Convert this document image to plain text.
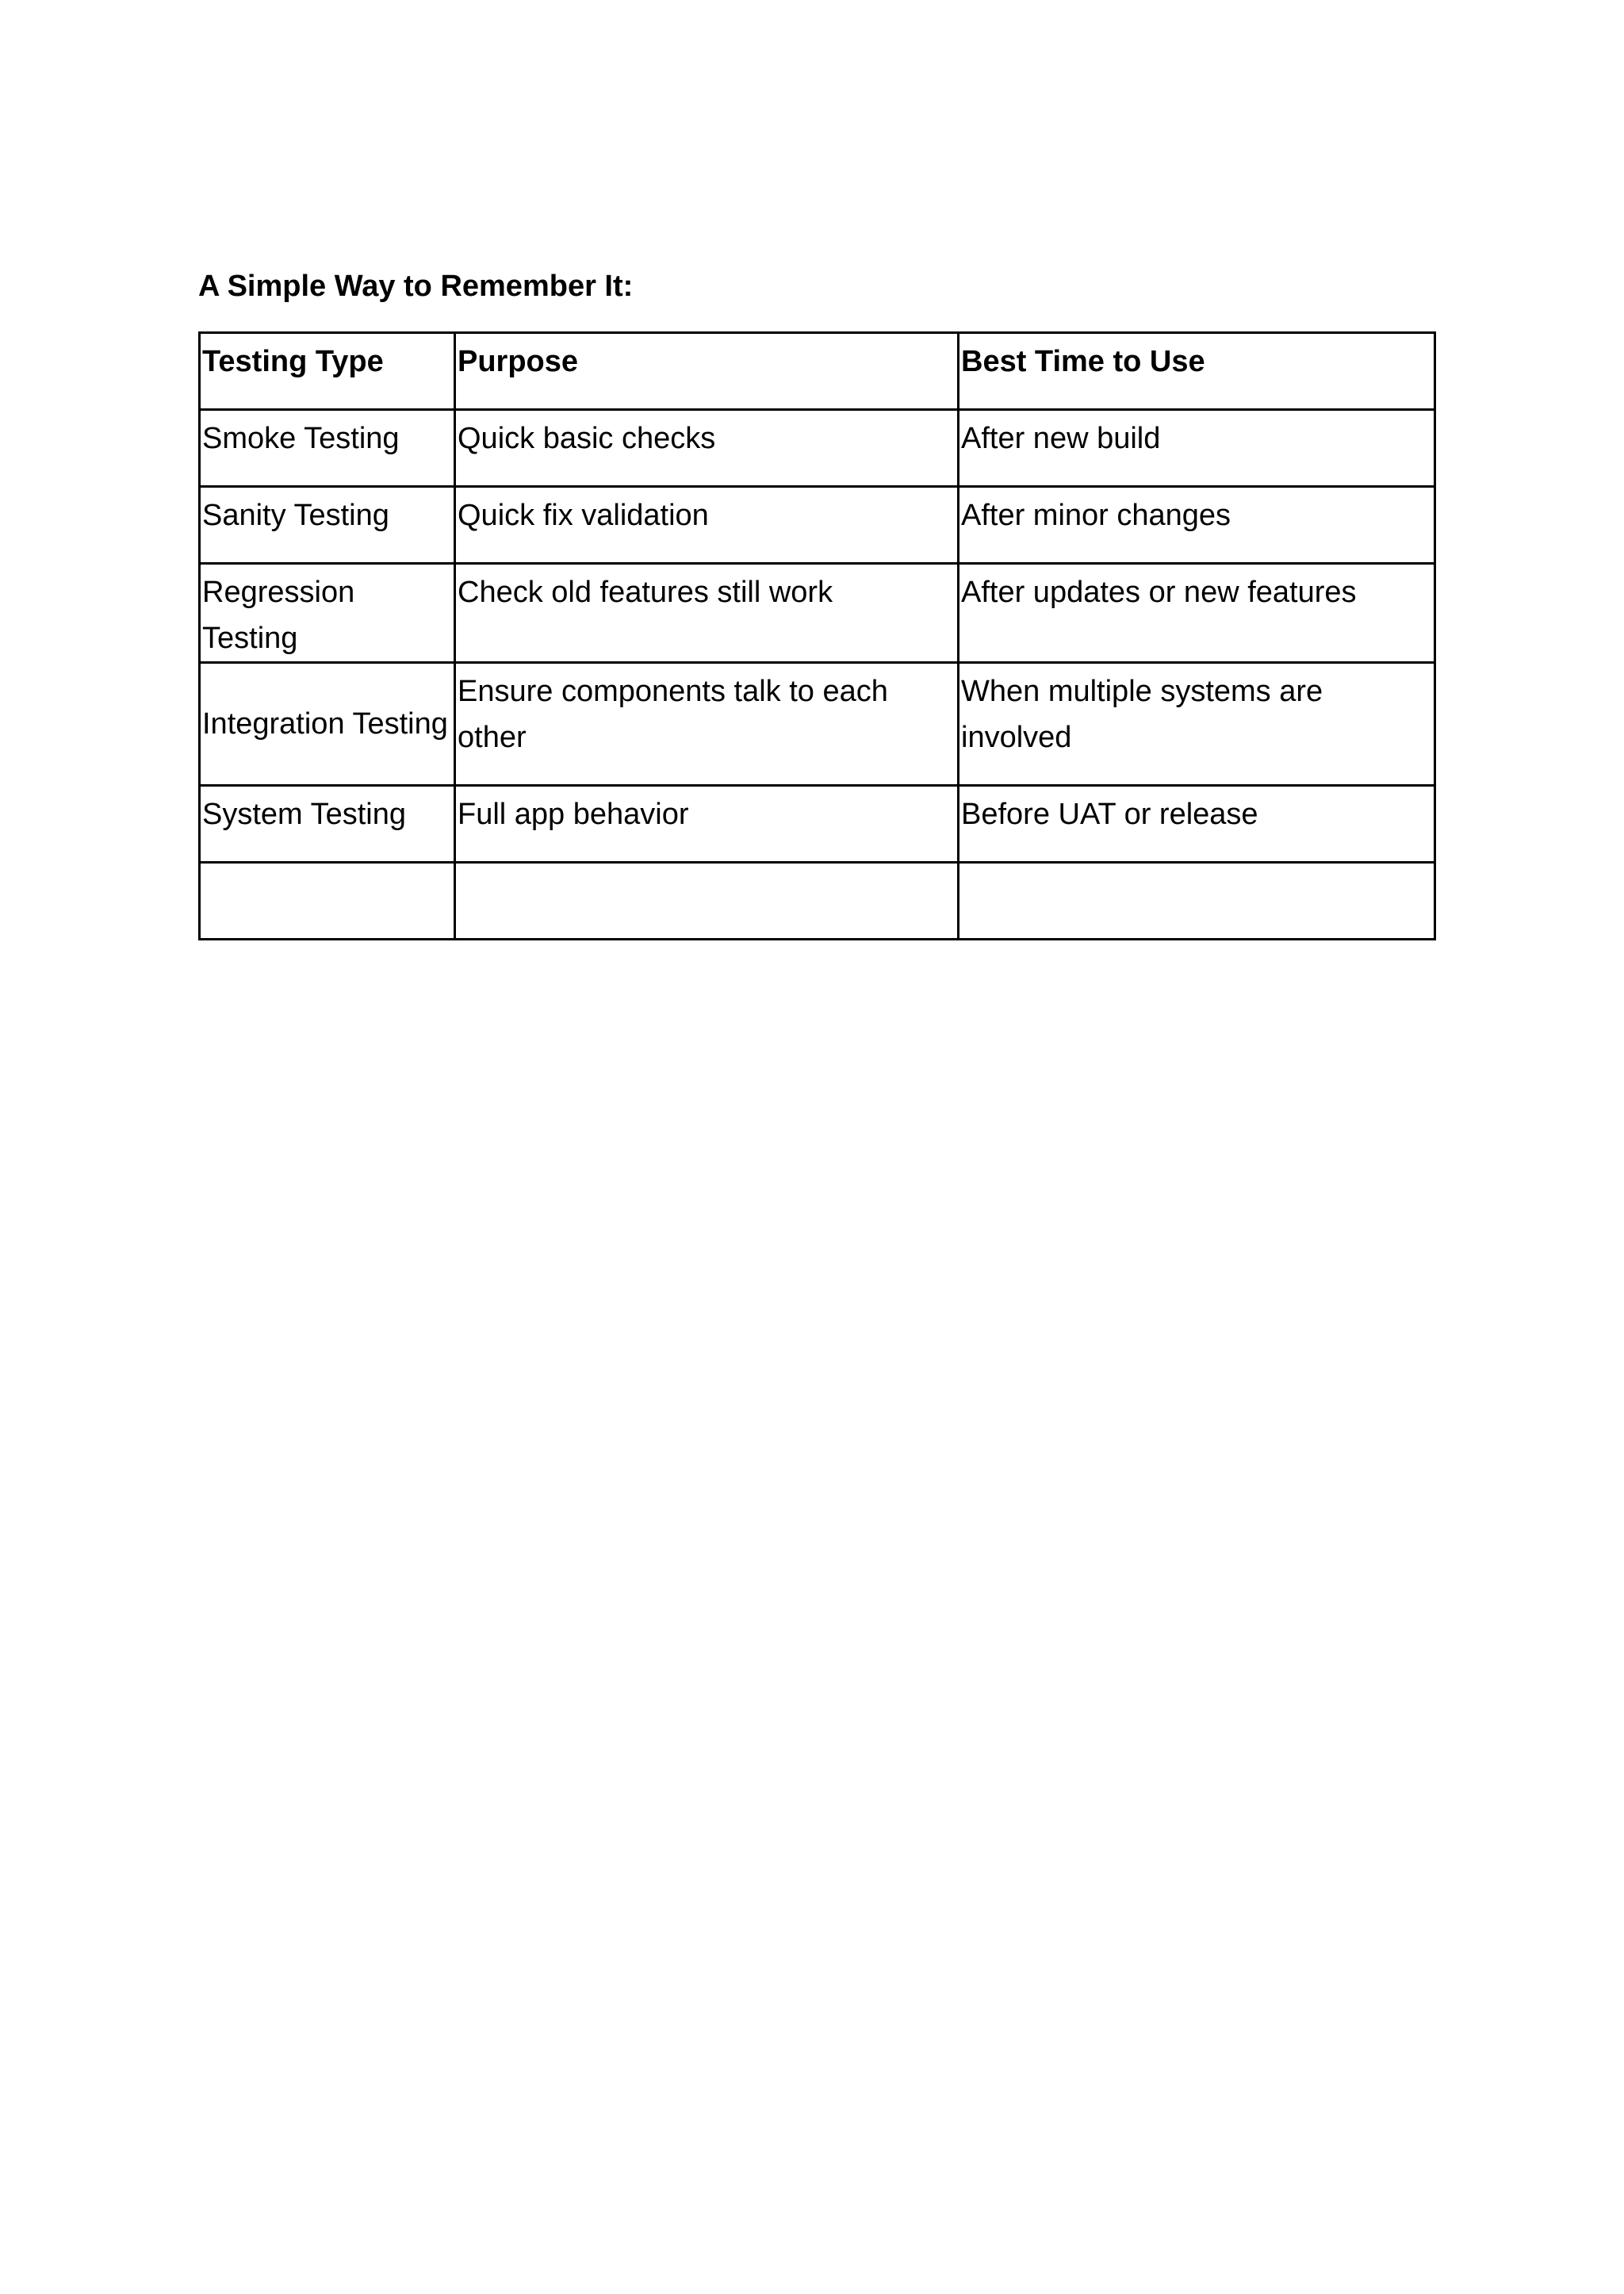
A Simple Way to Remember It:
Testing Type	Purpose	Best Time to Use
Smoke Testing	Quick basic checks	After new build
Sanity Testing	Quick fix validation	After minor changes
Regression Testing	Check old features still work	After updates or new features
Integration Testing	Ensure components talk to each other	When multiple systems are involved
System Testing	Full app behavior	Before UAT or release
